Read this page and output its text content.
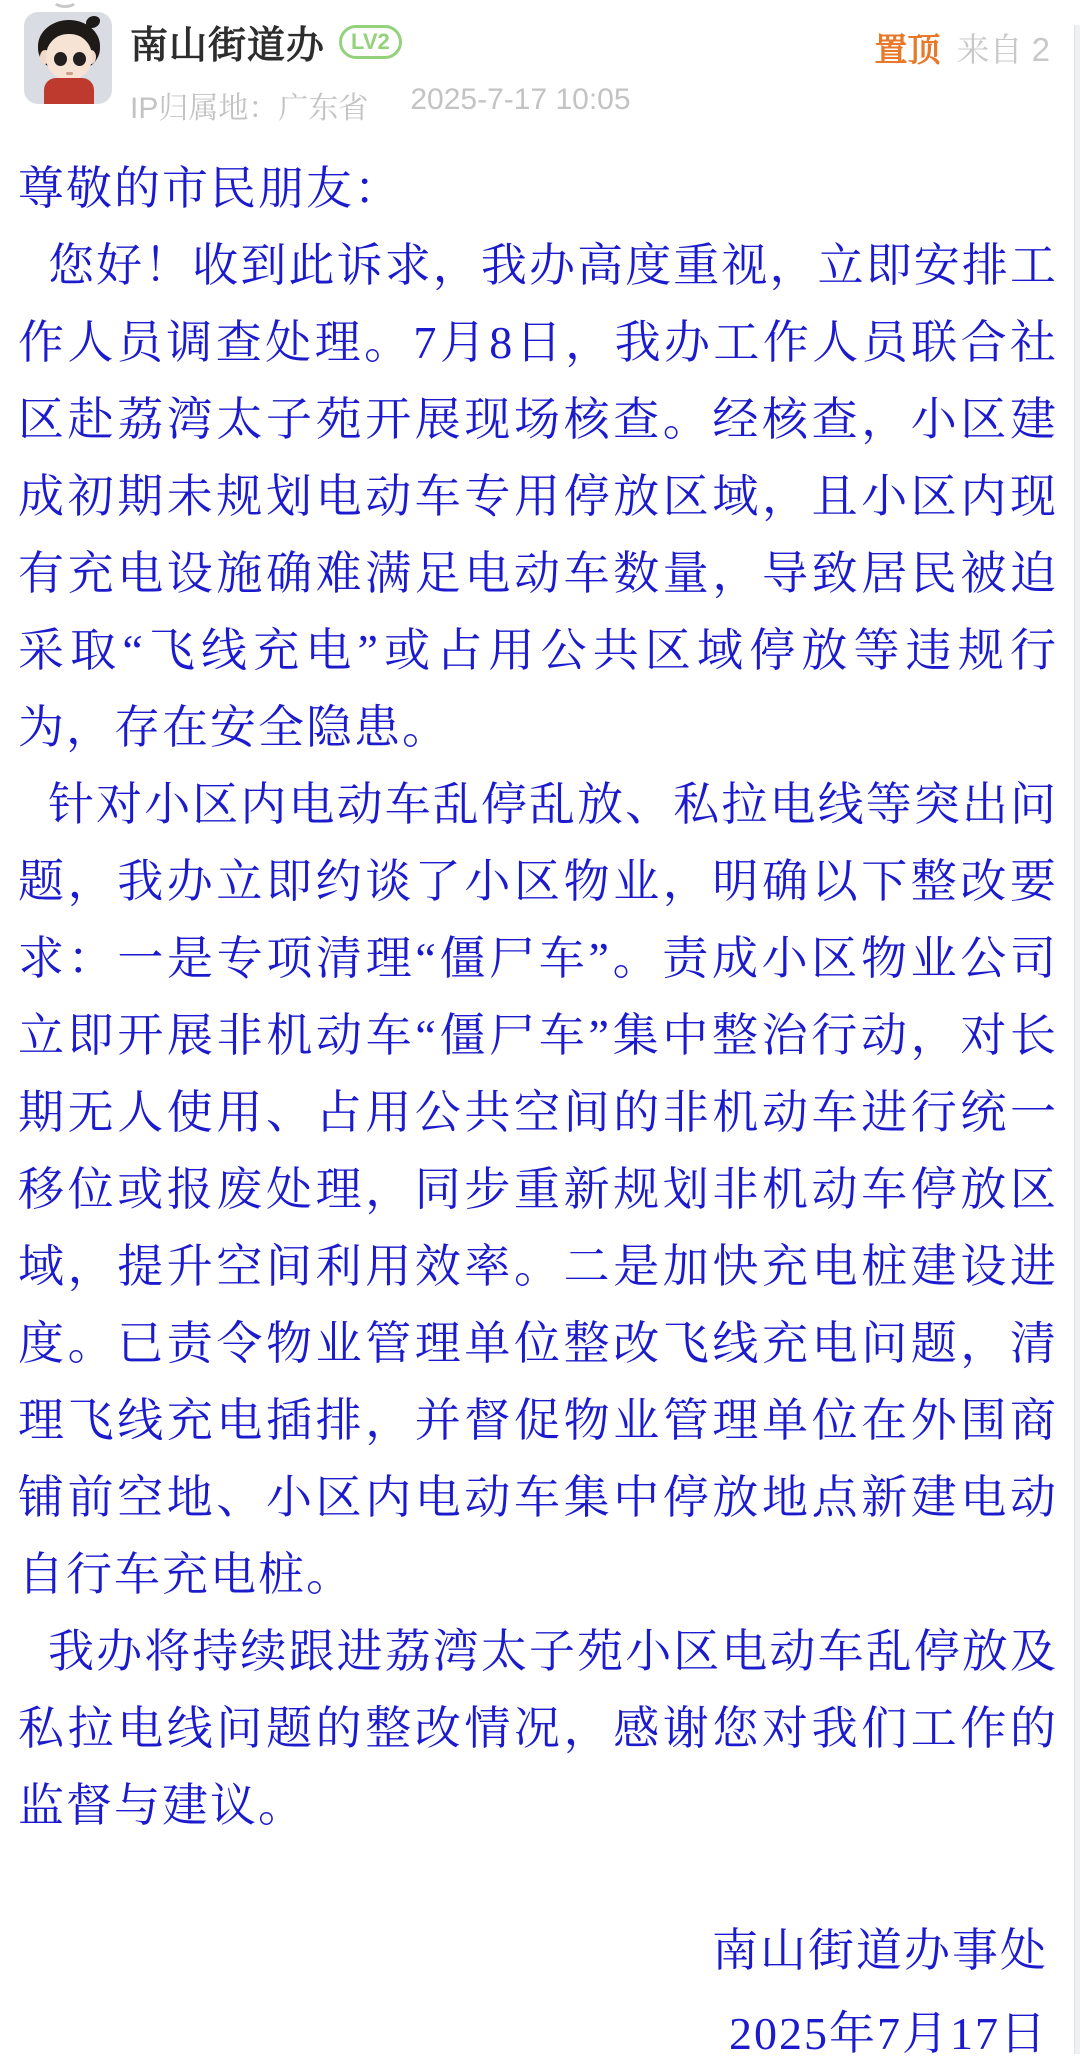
南山街道办	LV2
IP归属地：广东省 2025-7-17 10:05
置顶 来自 2

尊敬的市民朋友：

您好！收到此诉求，我办高度重视，立即安排工作人员调查处理。7月8日，我办工作人员联合社区赴荔湾太子苑开展现场核查。经核查，小区建成初期未规划电动车专用停放区域，且小区内现有充电设施确难满足电动车数量，导致居民被迫采取“飞线充电”或占用公共区域停放等违规行为，存在安全隐患。

针对小区内电动车乱停乱放、私拉电线等突出问题，我办立即约谈了小区物业，明确以下整改要求：一是专项清理“僵尸车”。责成小区物业公司立即开展非机动车“僵尸车”集中整治行动，对长期无人使用、占用公共空间的非机动车进行统一移位或报废处理，同步重新规划非机动车停放区域，提升空间利用效率。二是加快充电桩建设进度。已责令物业管理单位整改飞线充电问题，清理飞线充电插排，并督促物业管理单位在外围商铺前空地、小区内电动车集中停放地点新建电动自行车充电桩。

我办将持续跟进荔湾太子苑小区电动车乱停放及私拉电线问题的整改情况，感谢您对我们工作的监督与建议。

南山街道办事处
2025年7月17日
